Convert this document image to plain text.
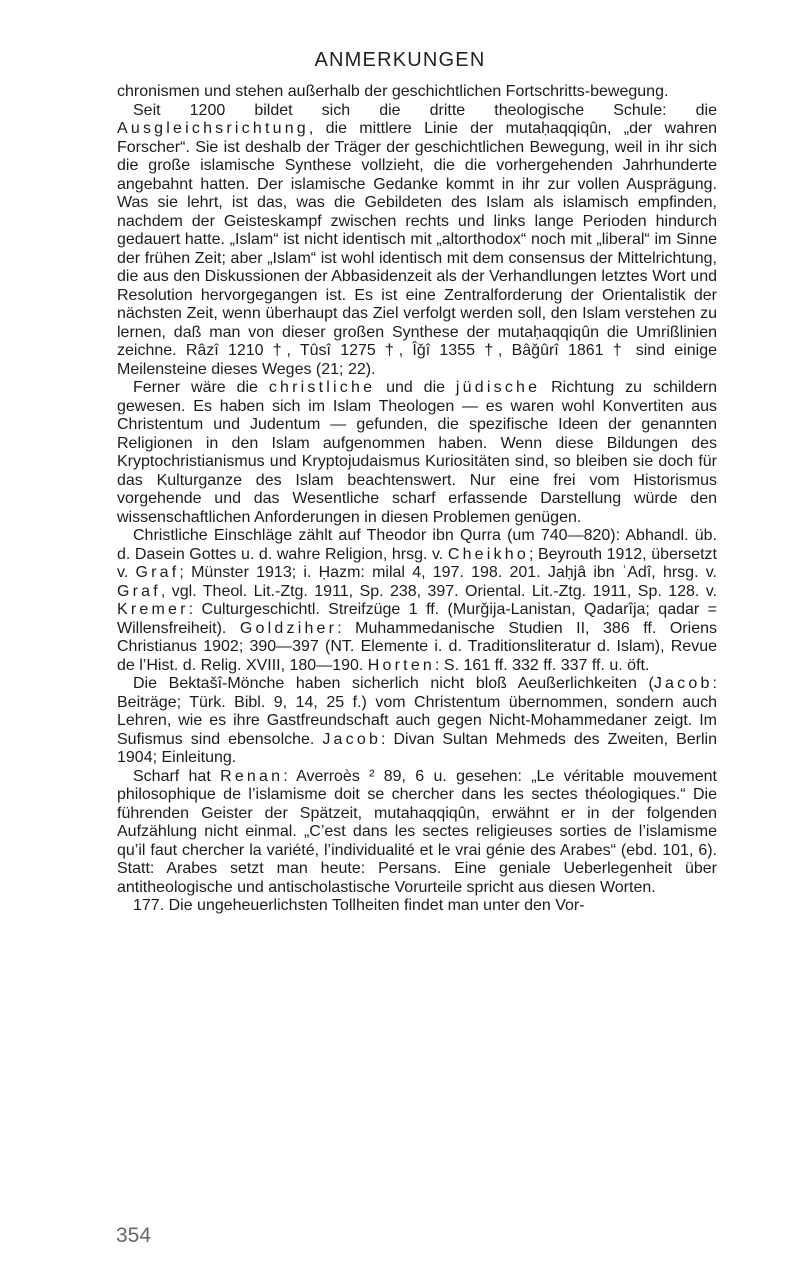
ANMERKUNGEN

chronismen und stehen außerhalb der geschichtlichen Fortschritts-bewegung.

Seit 1200 bildet sich die dritte theologische Schule: die Ausgleichsrichtung, die mittlere Linie der mutaḥaqqiqûn, „der wahren Forscher“. Sie ist deshalb der Träger der geschichtlichen Bewegung, weil in ihr sich die große islamische Synthese vollzieht, die die vorhergehenden Jahrhunderte angebahnt hatten. Der islamische Gedanke kommt in ihr zur vollen Ausprägung. Was sie lehrt, ist das, was die Gebildeten des Islam als islamisch empfinden, nachdem der Geisteskampf zwischen rechts und links lange Perioden hindurch gedauert hatte. „Islam“ ist nicht identisch mit „altorthodox“ noch mit „liberal“ im Sinne der frühen Zeit; aber „Islam“ ist wohl identisch mit dem consensus der Mittelrichtung, die aus den Diskussionen der Abbasidenzeit als der Verhandlungen letztes Wort und Resolution hervorgegangen ist. Es ist eine Zentralforderung der Orientalistik der nächsten Zeit, wenn überhaupt das Ziel verfolgt werden soll, den Islam verstehen zu lernen, daß man von dieser großen Synthese der mutaḥaqqiqûn die Umrißlinien zeichne. Râzî 1210 †, Tûsî 1275 †, Îǧî 1355 †, Bâǧûrî 1861 † sind einige Meilensteine dieses Weges (21; 22).

Ferner wäre die christliche und die jüdische Richtung zu schildern gewesen. Es haben sich im Islam Theologen — es waren wohl Konvertiten aus Christentum und Judentum — gefunden, die spezifische Ideen der genannten Religionen in den Islam aufgenommen haben. Wenn diese Bildungen des Kryptochristianismus und Kryptojudaismus Kuriositäten sind, so bleiben sie doch für das Kulturganze des Islam beachtenswert. Nur eine frei vom Historismus vorgehende und das Wesentliche scharf erfassende Darstellung würde den wissenschaftlichen Anforderungen in diesen Problemen genügen.

Christliche Einschläge zählt auf Theodor ibn Qurra (um 740—820): Abhandl. üb. d. Dasein Gottes u. d. wahre Religion, hrsg. v. Cheikho; Beyrouth 1912, übersetzt v. Graf; Münster 1913; i. Ḥazm: milal 4, 197. 198. 201. Jaḥjâ ibn ʿAdî, hrsg. v. Graf, vgl. Theol. Lit.-Ztg. 1911, Sp. 238, 397. Oriental. Lit.-Ztg. 1911, Sp. 128. v. Kremer: Culturgeschichtl. Streifzüge 1 ff. (Murǧija-Lanistan, Qadarîja; qadar = Willensfreiheit). Goldziher: Muhammedanische Studien II, 386 ff. Oriens Christianus 1902; 390—397 (NT. Elemente i. d. Traditionsliteratur d. Islam), Revue de l’Hist. d. Relig. XVIII, 180—190. Horten: S. 161 ff. 332 ff. 337 ff. u. öft.

Die Bektašî-Mönche haben sicherlich nicht bloß Aeußerlichkeiten (Jacob: Beiträge; Türk. Bibl. 9, 14, 25 f.) vom Christentum übernommen, sondern auch Lehren, wie es ihre Gastfreundschaft auch gegen Nicht-Mohammedaner zeigt. Im Sufismus sind ebensolche. Jacob: Divan Sultan Mehmeds des Zweiten, Berlin 1904; Einleitung.

Scharf hat Renan: Averroès ² 89, 6 u. gesehen: „Le véritable mouvement philosophique de l’islamisme doit se chercher dans les sectes théologiques.“ Die führenden Geister der Spätzeit, mutahaqqiqûn, erwähnt er in der folgenden Aufzählung nicht einmal. „C’est dans les sectes religieuses sorties de l’islamisme qu’il faut chercher la variété, l’individualité et le vrai génie des Arabes“ (ebd. 101, 6). Statt: Arabes setzt man heute: Persans. Eine geniale Ueberlegenheit über antitheologische und antischolastische Vorurteile spricht aus diesen Worten.

177. Die ungeheuerlichsten Tollheiten findet man unter den Vor-

354
